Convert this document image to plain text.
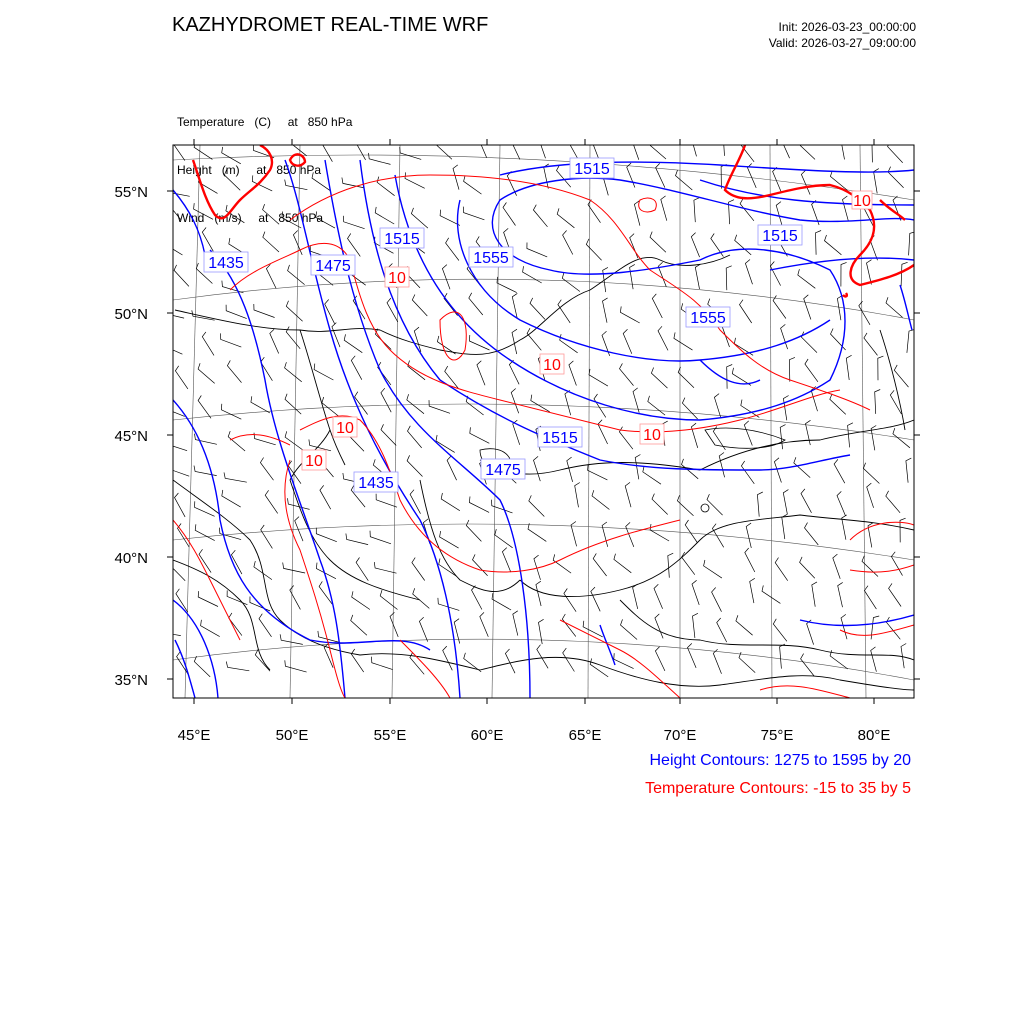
KAZHYDROMET REAL-TIME WRF	Init: 2026-03-23_00:00:00
Valid: 2026-03-27_09:00:00

Temperature   (C)     at   850 hPa

Height   (m)     at   850 hPa

Wind   (m/s)     at   850 hPa

45°E	50°E	55°E	60°E	65°E	70°E	75°E	80°E
55°N
50°N
45°N
40°N
35°N
1515
1435	1475
1515
1555
1515
1555
1515
1475
1435
10
10
10
10
10
10
Height Contours: 1275 to 1595 by 20
Temperature Contours: -15 to 35 by 5
